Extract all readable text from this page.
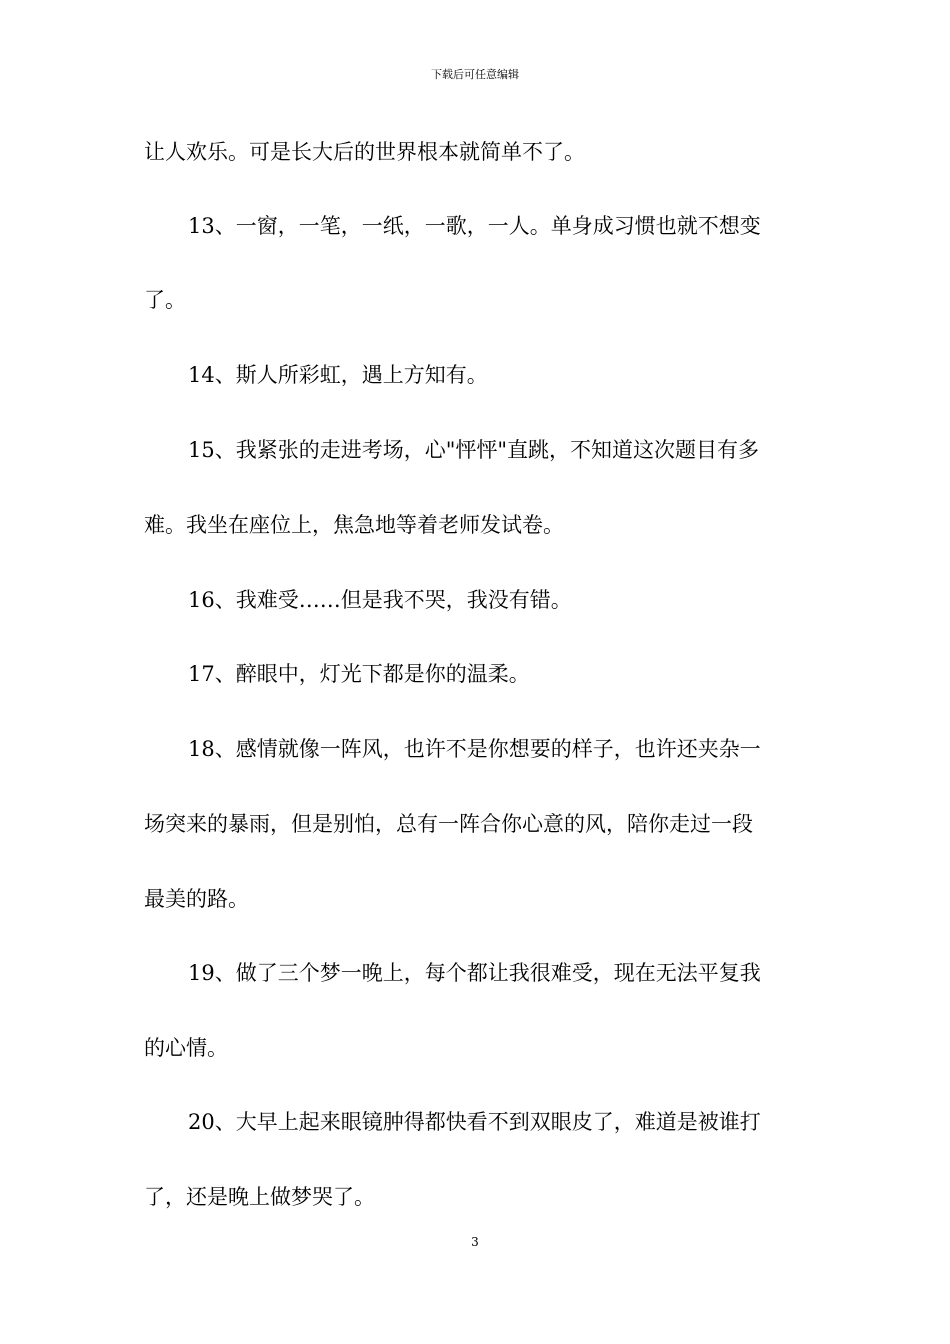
下载后可任意编辑
让人欢乐。可是长大后的世界根本就简单不了。
13、一窗，一笔，一纸，一歌，一人。单身成习惯也就不想变
了。
14、斯人所彩虹，遇上方知有。
15、我紧张的走进考场，心"怦怦"直跳，不知道这次题目有多
难。我坐在座位上，焦急地等着老师发试卷。
16、我难受……但是我不哭，我没有错。
17、醉眼中，灯光下都是你的温柔。
18、感情就像一阵风，也许不是你想要的样子，也许还夹杂一
场突来的暴雨，但是别怕，总有一阵合你心意的风，陪你走过一段
最美的路。
19、做了三个梦一晚上，每个都让我很难受，现在无法平复我
的心情。
20、大早上起来眼镜肿得都快看不到双眼皮了，难道是被谁打
了，还是晚上做梦哭了。
3
